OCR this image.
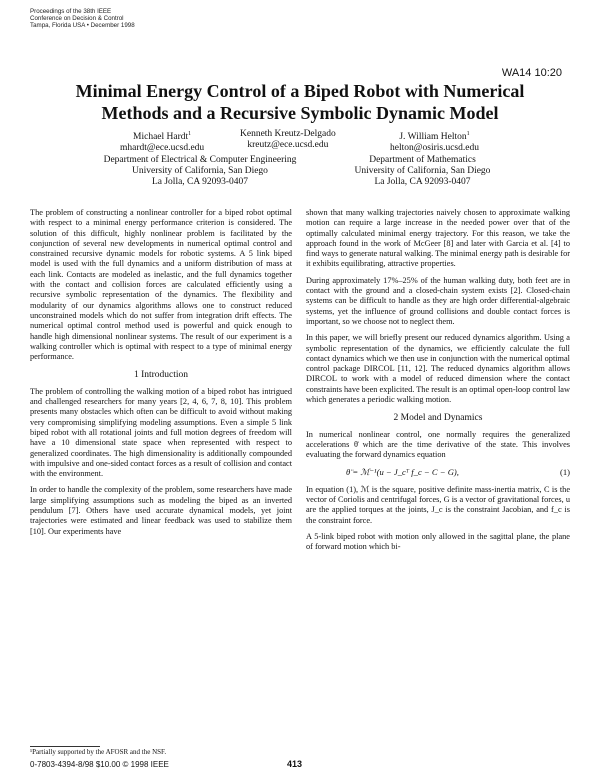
Proceedings of the 38th IEEE
Conference on Decision & Control
Tampa, Florida USA • December 1998
WA14 10:20
Minimal Energy Control of a Biped Robot with Numerical
Methods and a Recursive Symbolic Dynamic Model
Michael Hardt$^1$
mhardt@ece.ucsd.edu
Kenneth Kreutz-Delgado
kreutz@ece.ucsd.edu
J. William Helton$^1$
helton@osiris.ucsd.edu
Department of Electrical & Computer Engineering
University of California, San Diego
La Jolla, CA 92093-0407
Department of Mathematics
University of California, San Diego
La Jolla, CA 92093-0407

The problem of constructing a nonlinear controller for a biped robot optimal with respect to a minimal energy performance criterion is considered. The solution of this difficult, highly nonlinear problem is facilitated by the conjunction of several new developments in numerical optimal control and constrained recursive dynamic models for robotic systems. A 5 link biped model is used with the full dynamics and a uniform distribution of mass at each link. Contacts are modeled as inelastic, and the full dynamics together with the contact and collision forces are calculated efficiently using a recursive symbolic representation of the dynamics. The flexibility and modularity of our dynamics algorithms allows one to construct reduced unconstrained models which do not suffer from integration drift effects. The numerical optimal control method used is powerful and quick enough to handle high dimensional nonlinear systems. The result of our experiment is a walking controller which is optimal with respect to a type of minimal energy performance.

1 Introduction

The problem of controlling the walking motion of a biped robot has intrigued and challenged researchers for many years [2, 4, 6, 7, 8, 10]. This problem presents many obstacles which often can be difficult to avoid without making very compromising simplifying modeling assumptions. Even a simple 5 link biped robot with all rotational joints and full motion degrees of freedom will have a 10 dimensional state space when represented with respect to generalized coordinates. The high dimensionality is additionally compounded with impulsive and one-sided contact forces as a result of collision and contact with the environment.

In order to handle the complexity of the problem, some researchers have made large simplifying assumptions such as modeling the biped as an inverted pendulum [7]. Others have used accurate dynamical models, yet joint trajectories were estimated and linear feedback was used to stabilize them [10]. Our experiments have

shown that many walking trajectories naively chosen to approximate walking motion can require a large increase in the needed power over that of the optimally calculated minimal energy trajectory. For this reason, we take the approach found in the work of McGeer [8] and later with Garcia et al. [4] to find ways to generate natural walking. The minimal energy path is desirable for it exhibits equilibrating, attractive properties.

During approximately 17%–25% of the human walking duty, both feet are in contact with the ground and a closed-chain system exists [2]. Closed-chain systems can be difficult to handle as they are high order differential-algebraic systems, yet the influence of ground collisions and double contact forces is important, so we choose not to neglect them.

In this paper, we will briefly present our reduced dynamics algorithm. Using a symbolic representation of the dynamics, we efficiently calculate the full contact dynamics which we then use in conjunction with the numerical optimal control package DIRCOL [11, 12]. The reduced dynamics algorithm allows DIRCOL to work with a model of reduced dimension where the contact constraints have been explicited. The result is an optimal open-loop control law which generates a periodic walking motion.

2 Model and Dynamics

In numerical nonlinear control, one normally requires the generalized accelerations θ̈ which are the time derivative of the state. This involves evaluating the forward dynamics equation

θ̈ = ℳ⁻¹(u − J_cᵀ f_c − C − G),	(1)

In equation (1), ℳ is the square, positive definite mass-inertia matrix, C is the vector of Coriolis and centrifugal forces, G is a vector of gravitational forces, u are the applied torques at the joints, J_c is the constraint Jacobian, and f_c is the constraint force.

A 5-link biped robot with motion only allowed in the sagittal plane, the plane of forward motion which bi-

¹Partially supported by the AFOSR and the NSF.
0-7803-4394-8/98 $10.00 © 1998 IEEE	413
